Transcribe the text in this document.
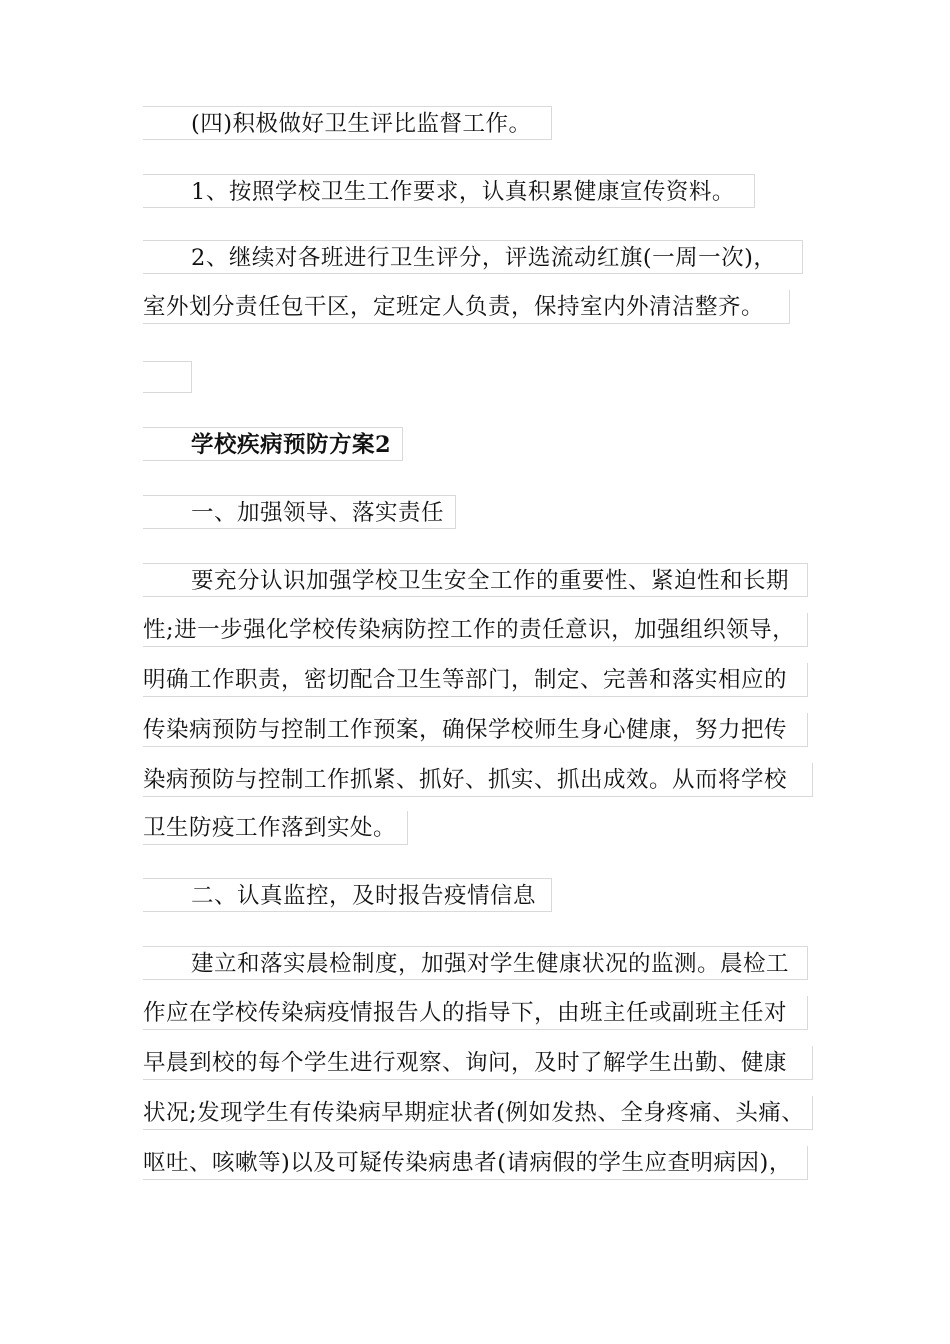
(四)积极做好卫生评比监督工作。
1、按照学校卫生工作要求，认真积累健康宣传资料。
2、继续对各班进行卫生评分，评选流动红旗(一周一次)，
室外划分责任包干区，定班定人负责，保持室内外清洁整齐。
学校疾病预防方案2
一、加强领导、落实责任
要充分认识加强学校卫生安全工作的重要性、紧迫性和长期
性;进一步强化学校传染病防控工作的责任意识，加强组织领导，
明确工作职责，密切配合卫生等部门，制定、完善和落实相应的
传染病预防与控制工作预案，确保学校师生身心健康，努力把传
染病预防与控制工作抓紧、抓好、抓实、抓出成效。从而将学校
卫生防疫工作落到实处。
二、认真监控，及时报告疫情信息
建立和落实晨检制度，加强对学生健康状况的监测。晨检工
作应在学校传染病疫情报告人的指导下，由班主任或副班主任对
早晨到校的每个学生进行观察、询问，及时了解学生出勤、健康
状况;发现学生有传染病早期症状者(例如发热、全身疼痛、头痛、
呕吐、咳嗽等)以及可疑传染病患者(请病假的学生应查明病因)，
